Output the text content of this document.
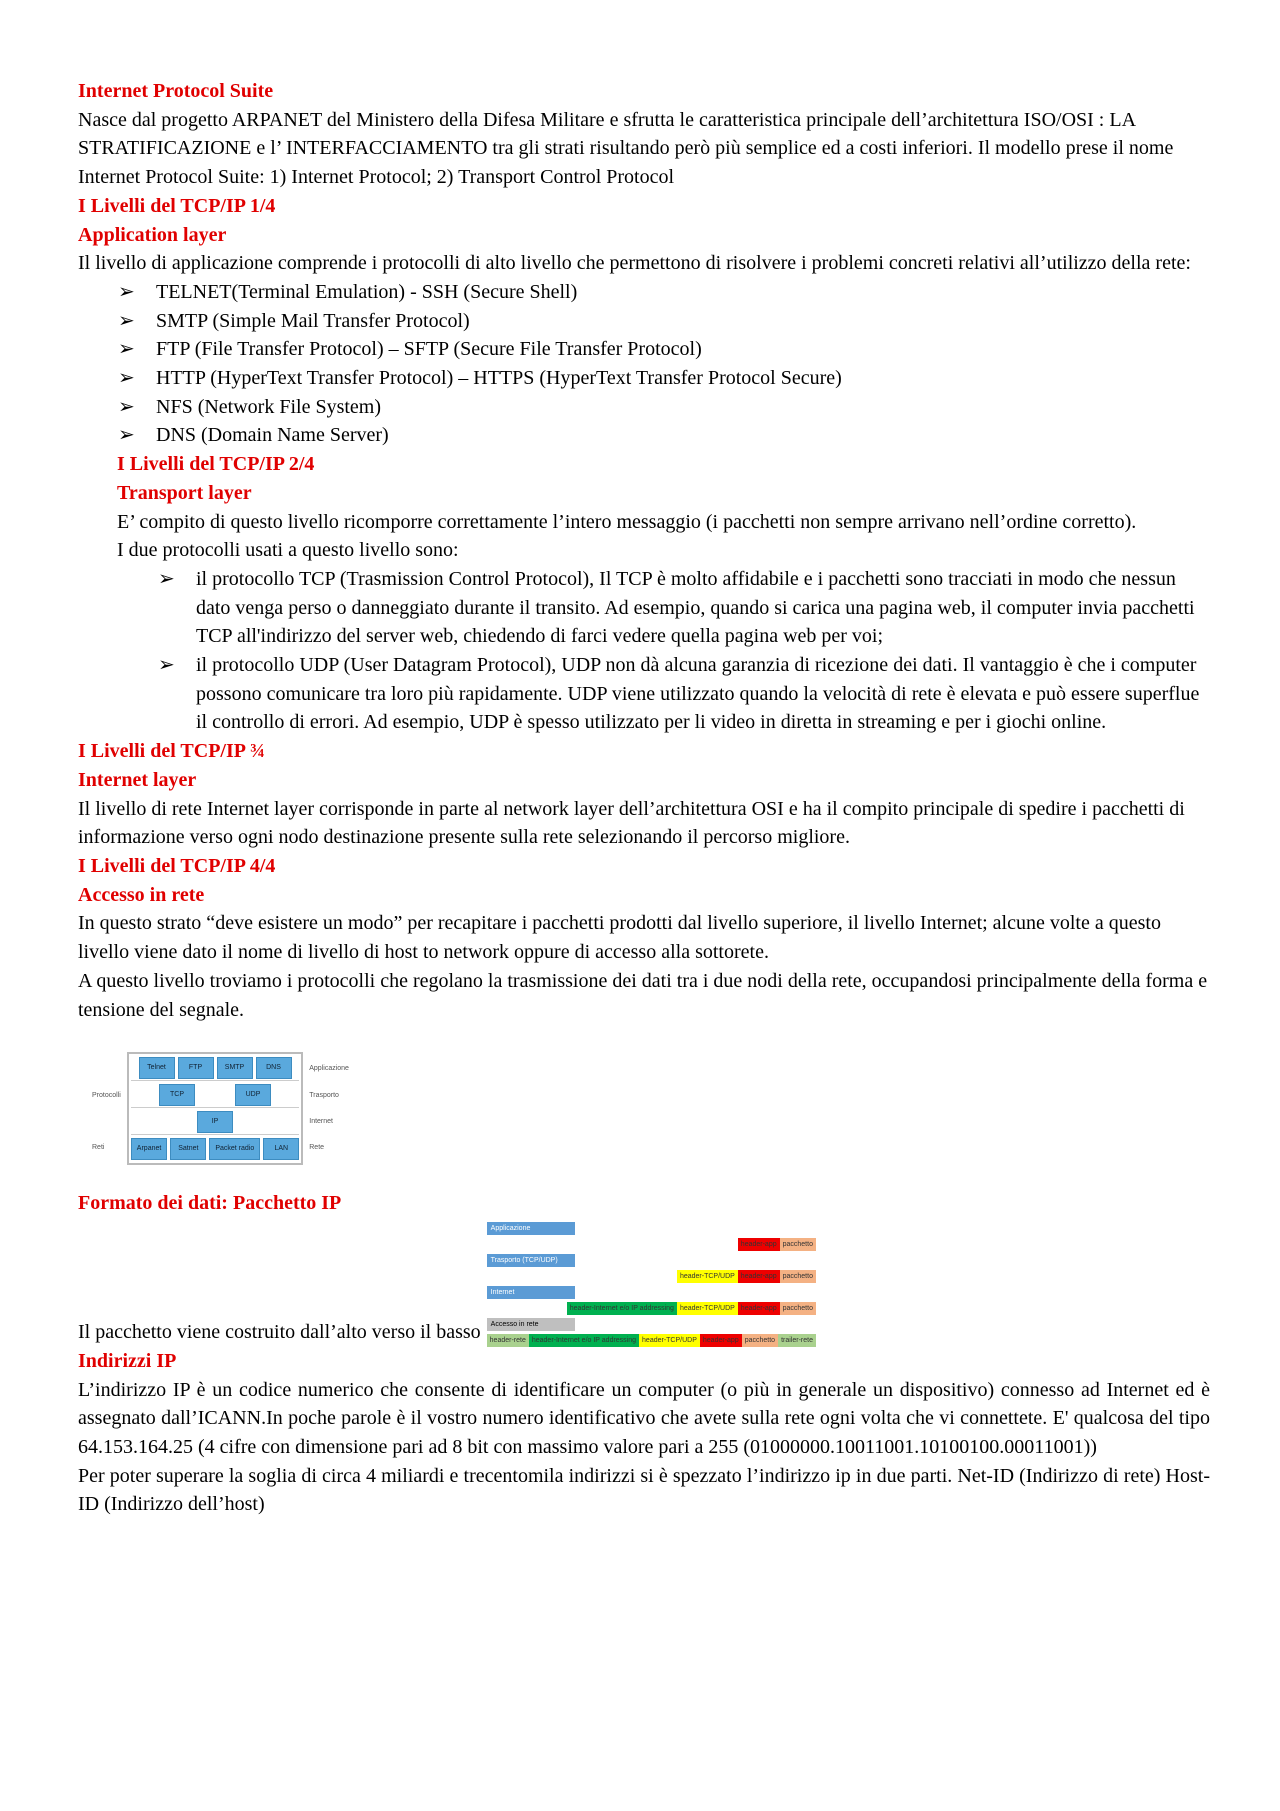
Internet Protocol Suite

Nasce dal progetto ARPANET del Ministero della Difesa Militare e sfrutta le caratteristica principale dell’architettura ISO/OSI : LA STRATIFICAZIONE e l’ INTERFACCIAMENTO tra gli strati risultando però più semplice ed a costi inferiori. Il modello prese il nome Internet Protocol Suite: 1) Internet Protocol; 2) Transport Control Protocol

I Livelli del TCP/IP 1/4

Application layer

Il livello di applicazione comprende i protocolli di alto livello che permettono di risolvere i problemi concreti relativi all’utilizzo della rete:

➢ TELNET(Terminal Emulation) - SSH (Secure Shell)
➢ SMTP (Simple Mail Transfer Protocol)
➢ FTP (File Transfer Protocol) – SFTP (Secure File Transfer Protocol)
➢ HTTP (HyperText Transfer Protocol) – HTTPS (HyperText Transfer Protocol Secure)
➢ NFS (Network File System)
➢ DNS (Domain Name Server)

I Livelli del TCP/IP 2/4

Transport layer

E’ compito di questo livello ricomporre correttamente l’intero messaggio (i pacchetti non sempre arrivano nell’ordine corretto).

I due protocolli usati a questo livello sono:

➢ il protocollo TCP (Trasmission Control Protocol), Il TCP è molto affidabile e i pacchetti sono tracciati in modo che nessun dato venga perso o danneggiato durante il transito. Ad esempio, quando si carica una pagina web, il computer invia pacchetti TCP all'indirizzo del server web, chiedendo di farci vedere quella pagina web per voi;
➢ il protocollo UDP (User Datagram Protocol), UDP non dà alcuna garanzia di ricezione dei dati. Il vantaggio è che i computer possono comunicare tra loro più rapidamente. UDP viene utilizzato quando la velocità di rete è elevata e può essere superflue il controllo di errori. Ad esempio, UDP è spesso utilizzato per li video in diretta in streaming e per i giochi online.

I Livelli del TCP/IP ¾

Internet layer

Il livello di rete Internet layer corrisponde in parte al network layer dell’architettura OSI e ha il compito principale di spedire i pacchetti di informazione verso ogni nodo destinazione presente sulla rete selezionando il percorso migliore.

I Livelli del TCP/IP 4/4

Accesso in rete

In questo strato “deve esistere un modo” per recapitare i pacchetti prodotti dal livello superiore, il livello Internet; alcune volte a questo livello viene dato il nome di livello di host to network oppure di accesso alla sottorete.

A questo livello troviamo i protocolli che regolano la trasmissione dei dati tra i due nodi della rete, occupandosi principalmente della forma e tensione del segnale.

Protocolli
Reti
Telnet	FTP	SMTP	DNS
TCP	UDP
IP
Arpanet	Satnet	Packet radio	LAN
Applicazione
Trasporto
Internet
Rete

Formato dei dati: Pacchetto IP

Il pacchetto viene costruito dall’alto verso il basso

Applicazione
header-app pacchetto
Trasporto (TCP/UDP)
header-TCP/UDP header-app pacchetto
Internet
header-Internet e/o IP addressing header-TCP/UDP header-app pacchetto
Accesso in rete
header-rete header-Internet e/o IP addressing header-TCP/UDP header-app pacchetto trailer-rete

Indirizzi IP

L’indirizzo IP è un codice numerico che consente di identificare un computer (o più in generale un dispositivo) connesso ad Internet ed è assegnato dall’ICANN.In poche parole è il vostro numero identificativo che avete sulla rete ogni volta che vi connettete. E' qualcosa del tipo 64.153.164.25 (4 cifre con dimensione pari ad 8 bit con massimo valore pari a 255 (01000000.10011001.10100100.00011001))

Per poter superare la soglia di circa 4 miliardi e trecentomila indirizzi si è spezzato l’indirizzo ip in due parti. Net-ID (Indirizzo di rete) Host-ID (Indirizzo dell’host)
